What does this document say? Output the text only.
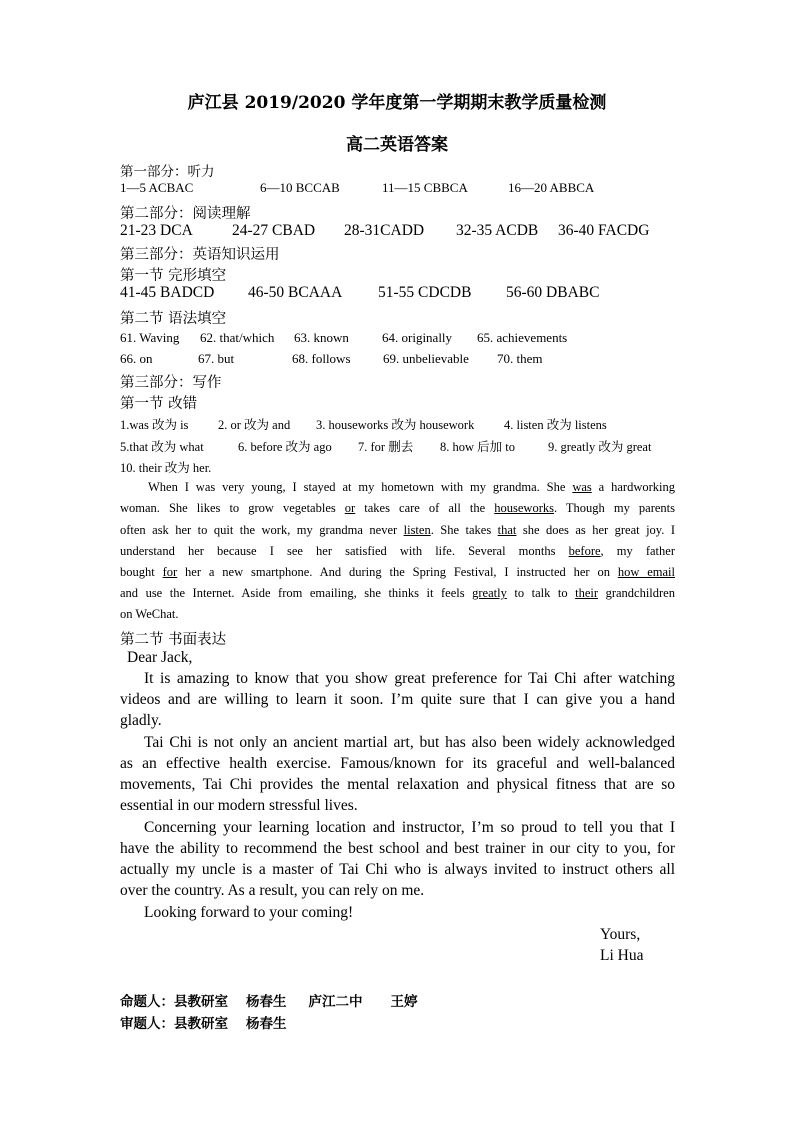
庐江县 2019/2020 学年度第一学期期末教学质量检测
高二英语答案
第一部分：听力
1—5 ACBAC	6—10 BCCAB	11—15 CBBCA	16—20 ABBCA
第二部分：阅读理解
21-23 DCA	24-27 CBAD 28-31CADD 32-35 ACDB 36-40 FACDG
第三部分：英语知识运用
第一节 完形填空
41-45 BADCD 46-50 BCAAA 51-55 CDCDB 56-60 DBABC
第二节 语法填空
61. Waving 62. that/which 63. known	64. originally 65. achievements
66. on	67. but	68. follows	69. unbelievable 70. them
第三部分：写作
第一节 改错
1.was 改为 is 2. or 改为 and 3. houseworks 改为 housework 4. listen 改为 listens
5.that 改为 what	6. before 改为 ago 7. for 删去 8. how 后加 to	9. greatly 改为 great
10. their 改为 her.
When I was very young, I stayed at my hometown with my grandma. She was a hardworking
woman. She likes to grow vegetables or takes care of all the houseworks. Though my parents
often ask her to quit the work, my grandma never listen. She takes that she does as her great joy. I
understand her because I see her satisfied with life. Several months before, my father
bought for her a new smartphone. And during the Spring Festival, I instructed her on how email
and use the Internet. Aside from emailing, she thinks it feels greatly to talk to their grandchildren
on WeChat.
第二节 书面表达
Dear Jack,
It is amazing to know that you show great preference for Tai Chi after watching
videos and are willing to learn it soon. I’m quite sure that I can give you a hand
gladly.
Tai Chi is not only an ancient martial art, but has also been widely acknowledged
as an effective health exercise. Famous/known for its graceful and well-balanced
movements, Tai Chi provides the mental relaxation and physical fitness that are so
essential in our modern stressful lives.
Concerning your learning location and instructor, I’m so proud to tell you that I
have the ability to recommend the best school and best trainer in our city to you, for
actually my uncle is a master of Tai Chi who is always invited to instruct others all
over the country. As a result, you can rely on me.
Looking forward to your coming!
Yours,
Li Hua
命题人：县教研室 杨春生 庐江二中 王婷
审题人：县教研室 杨春生
